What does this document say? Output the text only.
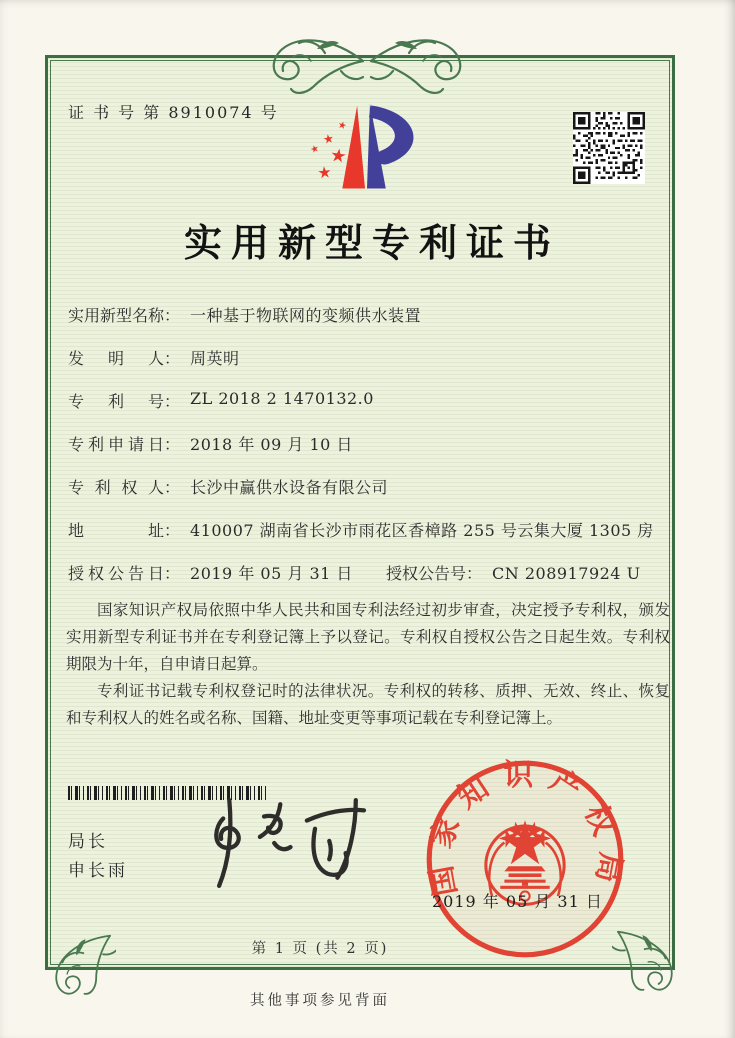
证 书 号 第 8910074 号
实用新型专利证书
实用新型名称： 一种基于物联网的变频供水装置
发明人： 周英明
专利号： ZL 2018 2 1470132.0
专利申请日： 2018 年 09 月 10 日
专利权人： 长沙中赢供水设备有限公司
地址： 410007 湖南省长沙市雨花区香樟路 255 号云集大厦 1305 房
授权公告日： 2019 年 05 月 31 日 授权公告号： CN 208917924 U

国家知识产权局依照中华人民共和国专利法经过初步审查，决定授予专利权，颁发实用新型专利证书并在专利登记簿上予以登记。专利权自授权公告之日起生效。专利权期限为十年，自申请日起算。

专利证书记载专利权登记时的法律状况。专利权的转移、质押、无效、终止、恢复和专利权人的姓名或名称、国籍、地址变更等事项记载在专利登记簿上。

局长
申长雨	国家知识产权局
2019 年 05 月 31 日
第 1 页 (共 2 页)
其他事项参见背面
